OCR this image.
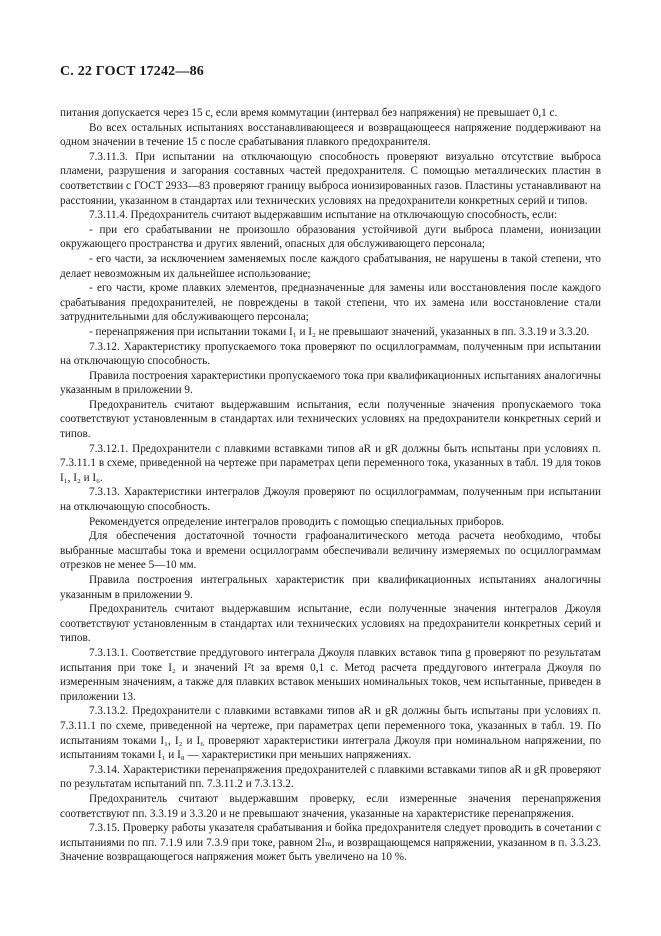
С. 22 ГОСТ 17242—86

питания допускается через 15 с, если время коммутации (интервал без напряжения) не превышает 0,1 с.

Во всех остальных испытаниях восстанавливающееся и возвращающееся напряжение поддерживают на одном значении в течение 15 с после срабатывания плавкого предохранителя.

7.3.11.3. При испытании на отключающую способность проверяют визуально отсутствие выброса пламени, разрушения и загорания составных частей предохранителя. С помощью металлических пластин в соответствии с ГОСТ 2933—83 проверяют границу выброса ионизированных газов. Пластины устанавливают на расстоянии, указанном в стандартах или технических условиях на предохранители конкретных серий и типов.

7.3.11.4. Предохранитель считают выдержавшим испытание на отключающую способность, если:

- при его срабатывании не произошло образования устойчивой дуги выброса пламени, ионизации окружающего пространства и других явлений, опасных для обслуживающего персонала;

- его части, за исключением заменяемых после каждого срабатывания, не нарушены в такой степени, что делает невозможным их дальнейшее использование;

- его части, кроме плавких элементов, предназначенные для замены или восстановления после каждого срабатывания предохранителей, не повреждены в такой степени, что их замена или восстановление стали затруднительными для обслуживающего персонала;

- перенапряжения при испытании токами I₁ и I₂ не превышают значений, указанных в пп. 3.3.19 и 3.3.20.

7.3.12. Характеристику пропускаемого тока проверяют по осциллограммам, полученным при испытании на отключающую способность.

Правила построения характеристики пропускаемого тока при квалификационных испытаниях аналогичны указанным в приложении 9.

Предохранитель считают выдержавшим испытания, если полученные значения пропускаемого тока соответствуют установленным в стандартах или технических условиях на предохранители конкретных серий и типов.

7.3.12.1. Предохранители с плавкими вставками типов aR и gR должны быть испытаны при условиях п. 7.3.11.1 в схеме, приведенной на чертеже при параметрах цепи переменного тока, указанных в табл. 19 для токов I₁, I₂ и I₆.

7.3.13. Характеристики интегралов Джоуля проверяют по осциллограммам, полученным при испытании на отключающую способность.

Рекомендуется определение интегралов проводить с помощью специальных приборов.

Для обеспечения достаточной точности графоаналитического метода расчета необходимо, чтобы выбранные масштабы тока и времени осциллограмм обеспечивали величину измеряемых по осциллограммам отрезков не менее 5—10 мм.

Правила построения интегральных характеристик при квалификационных испытаниях аналогичны указанным в приложении 9.

Предохранитель считают выдержавшим испытание, если полученные значения интегралов Джоуля соответствуют установленным в стандартах или технических условиях на предохранители конкретных серий и типов.

7.3.13.1. Соответствие преддугового интеграла Джоуля плавких вставок типа g проверяют по результатам испытания при токе I₂ и значений I²t за время 0,1 с. Метод расчета преддугового интеграла Джоуля по измеренным значениям, а также для плавких вставок меньших номинальных токов, чем испытанные, приведен в приложении 13.

7.3.13.2. Предохранители с плавкими вставками типов aR и gR должны быть испытаны при условиях п. 7.3.11.1 по схеме, приведенной на чертеже, при параметрах цепи переменного тока, указанных в табл. 19. По испытаниям токами I₁, I₂ и I₆ проверяют характеристики интеграла Джоуля при номинальном напряжении, по испытаниям токами I₁ и I₈ — характеристики при меньших напряжениях.

7.3.14. Характеристики перенапряжения предохранителей с плавкими вставками типов aR и gR проверяют по результатам испытаний пп. 7.3.11.2 и 7.3.13.2.

Предохранитель считают выдержавшим проверку, если измеренные значения перенапряжения соответствуют пп. 3.3.19 и 3.3.20 и не превышают значения, указанные на характеристике перенапряжения.

7.3.15. Проверку работы указателя срабатывания и бойка предохранителя следует проводить в сочетании с испытаниями по пп. 7.1.9 или 7.3.9 при токе, равном 2Iₘ, и возвращающемся напряжении, указанном в п. 3.3.23. Значение возвращающегося напряжения может быть увеличено на 10 %.
